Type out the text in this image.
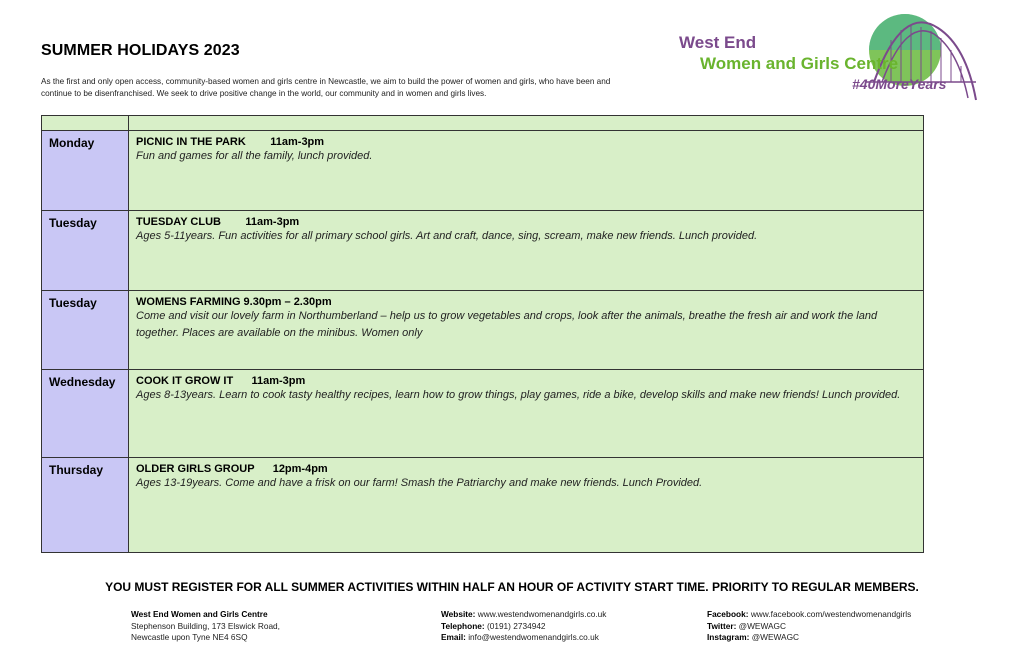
SUMMER HOLIDAYS 2023
As the first and only open access, community-based women and girls centre in Newcastle, we aim to build the power of women and girls, who have been and continue to be disenfranchised. We seek to drive positive change in the world, our community and in women and girls lives.
West End
Women and Girls Centre
#40MoreYears

Monday	PICNIC IN THE PARK        11am-3pm
Fun and games for all the family, lunch provided.

Tuesday	TUESDAY CLUB        11am-3pm
Ages 5-11years. Fun activities for all primary school girls. Art and craft, dance, sing, scream, make new friends. Lunch provided.

Tuesday	WOMENS FARMING 9.30pm – 2.30pm
Come and visit our lovely farm in Northumberland – help us to grow vegetables and crops, look after the animals, breathe the fresh air and work the land together. Places are available on the minibus. Women only

Wednesday	COOK IT GROW IT      11am-3pm
Ages 8-13years. Learn to cook tasty healthy recipes, learn how to grow things, play games, ride a bike, develop skills and make new friends! Lunch provided.

Thursday	OLDER GIRLS GROUP      12pm-4pm
Ages 13-19years. Come and have a frisk on our farm! Smash the Patriarchy and make new friends. Lunch Provided.
YOU MUST REGISTER FOR ALL SUMMER ACTIVITIES WITHIN HALF AN HOUR OF ACTIVITY START TIME. PRIORITY TO REGULAR MEMBERS.
West End Women and Girls Centre
Stephenson Building, 173 Elswick Road,
Newcastle upon Tyne NE4 6SQ
Website: www.westendwomenandgirls.co.uk
Telephone: (0191) 2734942
Email: info@westendwomenandgirls.co.uk
Facebook: www.facebook.com/westendwomenandgirls
Twitter: @WEWAGC
Instagram: @WEWAGC
